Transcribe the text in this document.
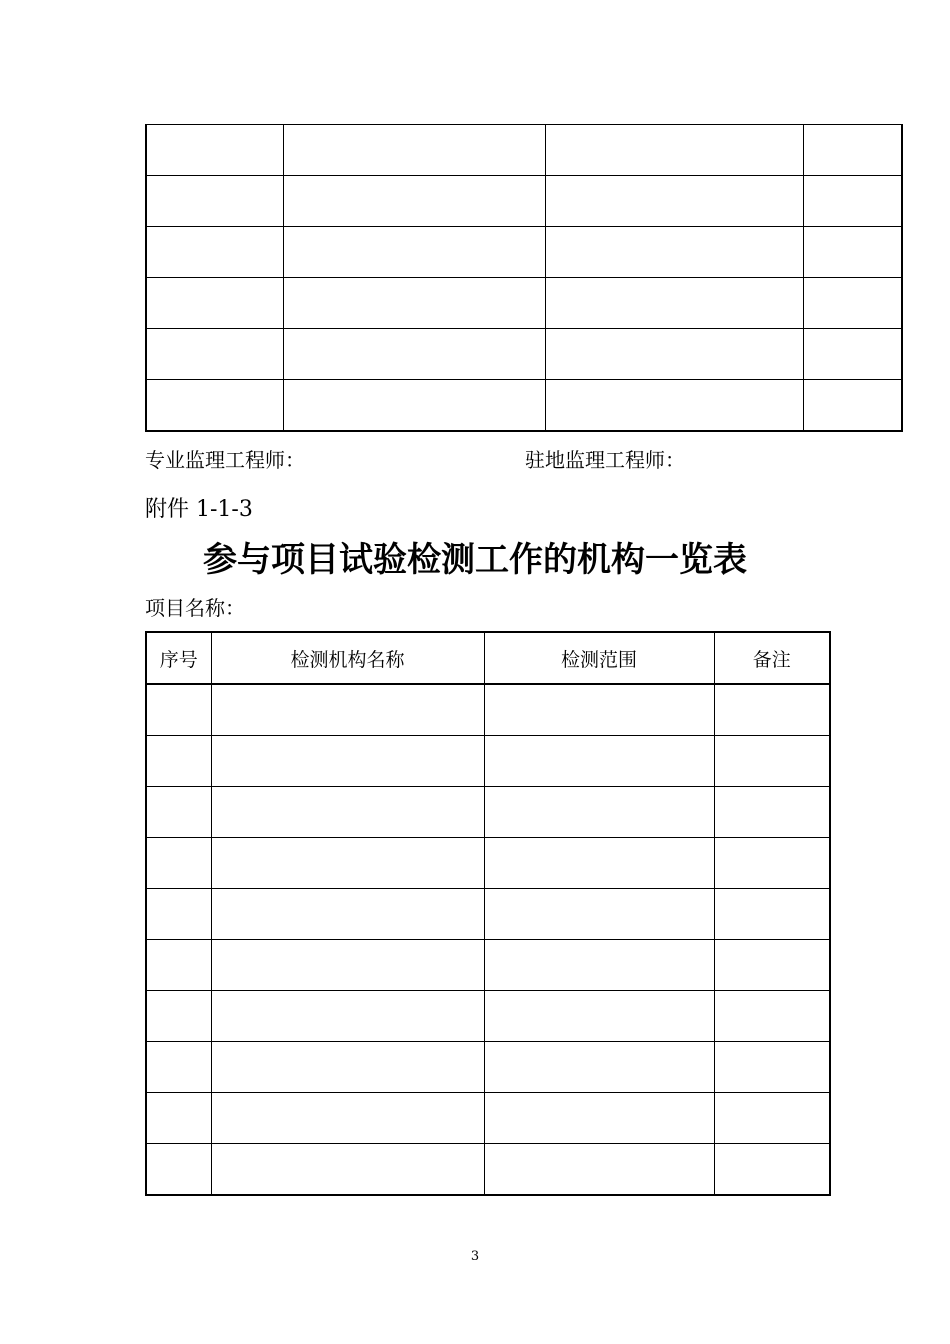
专业监理工程师：	驻地监理工程师：
附件 1-1-3
参与项目试验检测工作的机构一览表
项目名称：
序号	检测机构名称	检测范围	备注

3
